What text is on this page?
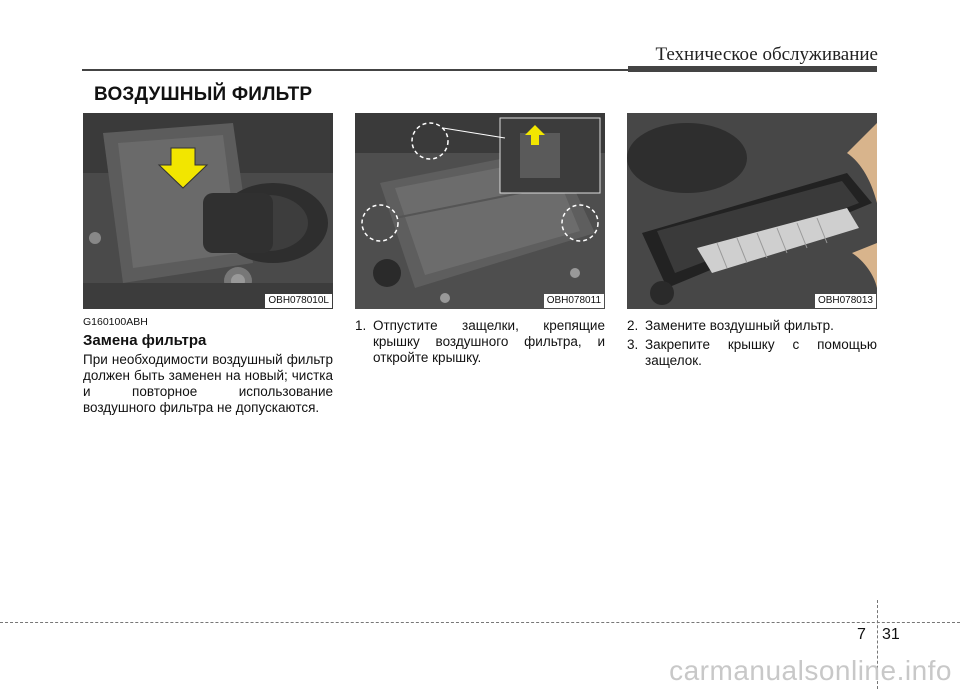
Техническое обслуживание
ВОЗДУШНЫЙ ФИЛЬТР
OBH078010L	OBH078011	OBH078013
G160100ABH
Замена фильтра

При необходимости воздушный фильтр должен быть заменен на новый; чистка и повторное использование воздушного фильтра не допускаются.

1. Отпустите защелки, крепящие крышку воздушного фильтра, и откройте крышку.
2. Замените воздушный фильтр.
3. Закрепите крышку с помощью защелок.
7 31
carmanualsonline.info
